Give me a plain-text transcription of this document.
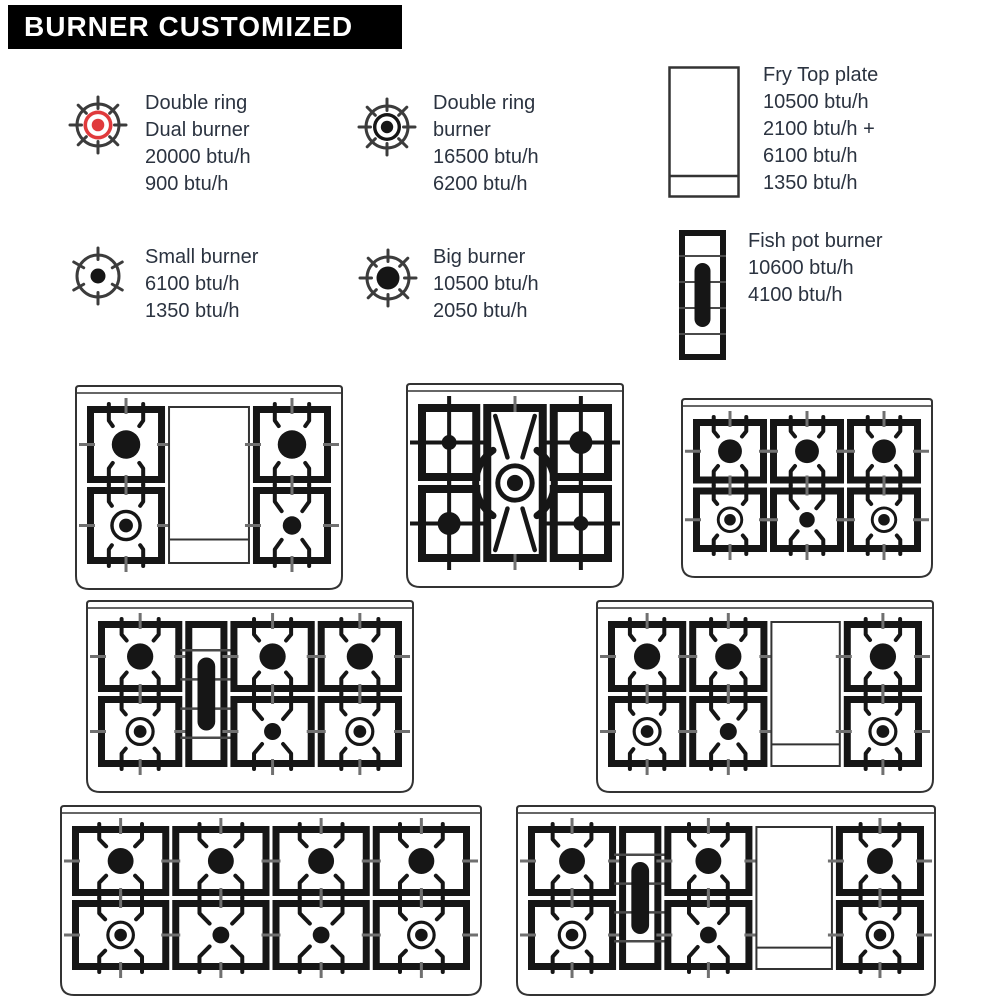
BURNER CUSTOMIZED
Double ring
Dual burner
20000 btu/h
900 btu/h
Double ring
burner
16500 btu/h
6200 btu/h
Fry Top plate
10500 btu/h
2100 btu/h +
6100 btu/h
1350 btu/h
Small burner
6100 btu/h
1350 btu/h
Big burner
10500 btu/h
2050 btu/h
Fish pot burner
10600 btu/h
4100 btu/h
